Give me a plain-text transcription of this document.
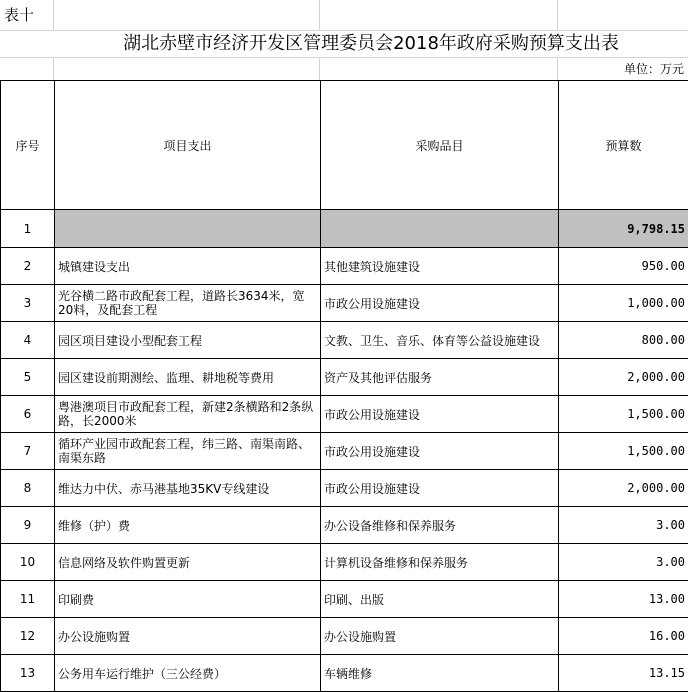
表十
湖北赤壁市经济开发区管理委员会2018年政府采购预算支出表
单位：万元
序号	项目支出	采购品目	预算数
1			9,798.15
2	城镇建设支出	其他建筑设施建设	950.00
3	光谷横二路市政配套工程，道路长3634米，宽20料，及配套工程	市政公用设施建设	1,000.00
4	园区项目建设小型配套工程	文教、卫生、音乐、体育等公益设施建设	800.00
5	园区建设前期测绘、监理、耕地税等费用	资产及其他评估服务	2,000.00
6	粤港澳项目市政配套工程，新建2条横路和2条纵路，长2000米	市政公用设施建设	1,500.00
7	循环产业园市政配套工程，纬三路、南渠南路、南渠东路	市政公用设施建设	1,500.00
8	维达力中伏、赤马港基地35KV专线建设	市政公用设施建设	2,000.00
9	维修（护）费	办公设备维修和保养服务	3.00
10	信息网络及软件购置更新	计算机设备维修和保养服务	3.00
11	印刷费	印刷、出版	13.00
12	办公设施购置	办公设施购置	16.00
13	公务用车运行维护（三公经费）	车辆维修	13.15
